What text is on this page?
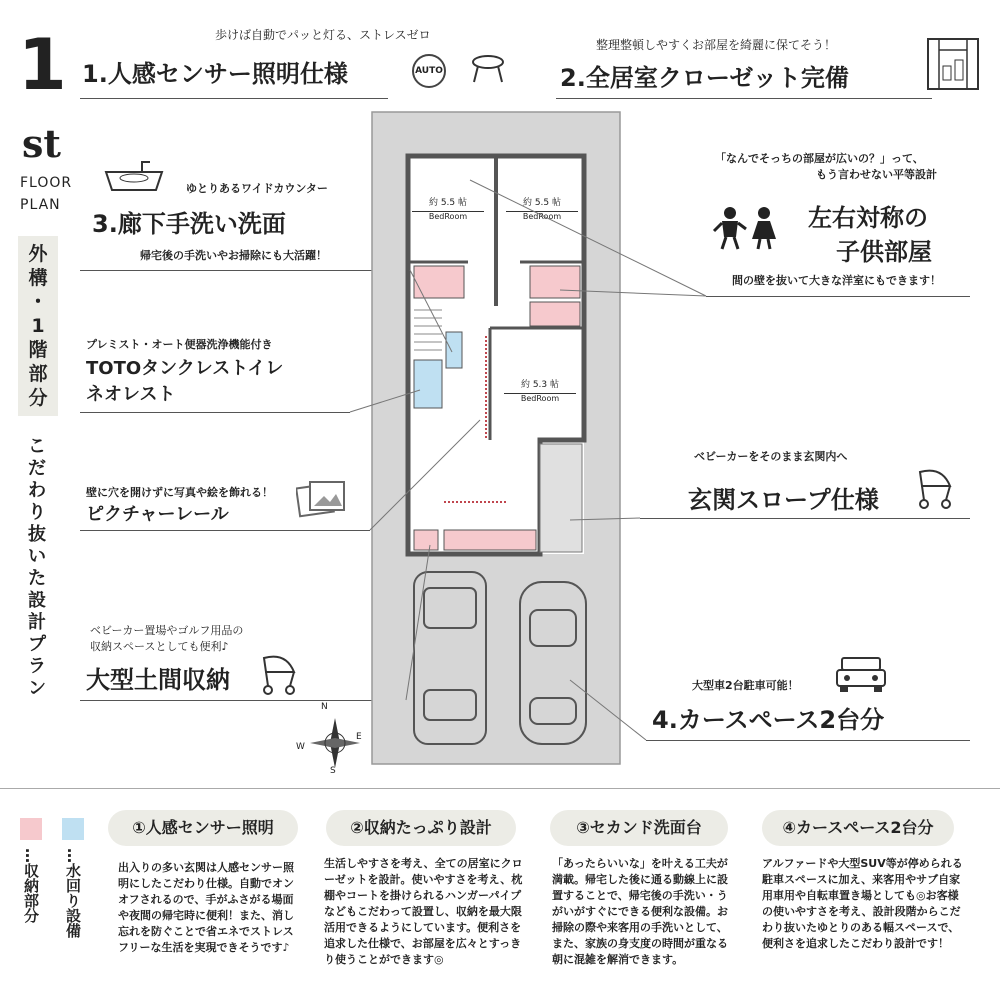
1
st
FLOOR
PLAN
外
構
・
1
階
部
分
こ
だ
わ
り
抜
い
た
設
計
プ
ラ
ン
歩けば自動でパッと灯る、ストレスゼロ
1.人感センサー照明仕様	AUTO
整理整頓しやすくお部屋を綺麗に保てそう！
2.全居室クローゼット完備
ゆとりあるワイドカウンター
3.廊下手洗い洗面
帰宅後の手洗いやお掃除にも大活躍！
「なんでそっちの部屋が広いの？」って、
もう言わせない平等設計
左右対称の
子供部屋
間の壁を抜いて大きな洋室にもできます！
プレミスト・オート便器洗浄機能付き
TOTOタンクレストイレ
ネオレスト
ベビーカーをそのまま玄関内へ
玄関スロープ仕様
壁に穴を開けずに写真や絵を飾れる！
ピクチャーレール
ベビーカー置場やゴルフ用品の
収納スペースとしても便利♪
大型土間収納	大型車2台駐車可能！
4.カースペース2台分
約 5.5 帖
BedRoom
約 5.5 帖
BedRoom
約 5.3 帖
BedRoom
N
E
S
W
…収納部分 …水回り設備
①人感センサー照明
出入りの多い玄関は人感センサー照明にしたこだわり仕様。自動でオンオフされるので、手がふさがる場面や夜間の帰宅時に便利！また、消し忘れを防ぐことで省エネでストレスフリーな生活を実現できそうです♪
②収納たっぷり設計
生活しやすさを考え、全ての居室にクローゼットを設計。使いやすさを考え、枕棚やコートを掛けられるハンガーパイプなどもこだわって設置し、収納を最大限活用できるようにしています。便利さを追求した仕様で、お部屋を広々とすっきり使うことができます◎
③セカンド洗面台
「あったらいいな」を叶える工夫が満載。帰宅した後に通る動線上に設置することで、帰宅後の手洗い・うがいがすぐにできる便利な設備。お掃除の際や来客用の手洗いとして、また、家族の身支度の時間が重なる朝に混雑を解消できます。
④カースペース2台分
アルファードや大型SUV等が停められる駐車スペースに加え、来客用やサブ自家用車用や自転車置き場としても◎お客様の使いやすさを考え、設計段階からこだわり抜いたゆとりのある幅スペースで、便利さを追求したこだわり設計です！
